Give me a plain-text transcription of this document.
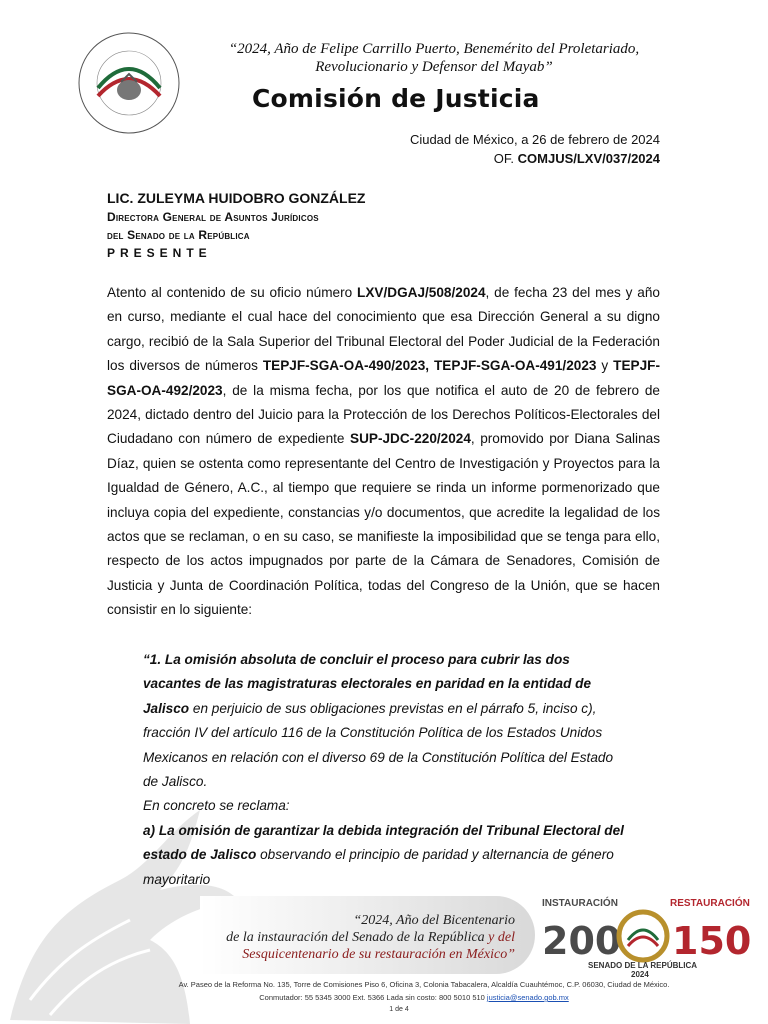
“2024, Año de Felipe Carrillo Puerto, Benemérito del Proletariado,
Revolucionario y Defensor del Mayab”
Comisión de Justicia
Ciudad de México, a 26 de febrero de 2024
OF. COMJUS/LXV/037/2024
LIC. ZULEYMA HUIDOBRO GONZÁLEZ
Directora General de Asuntos Jurídicos
del Senado de la República
PRESENTE
Atento al contenido de su oficio número LXV/DGAJ/508/2024, de fecha 23 del mes y año en curso, mediante el cual hace del conocimiento que esa Dirección General a su digno cargo, recibió de la Sala Superior del Tribunal Electoral del Poder Judicial de la Federación los diversos de números TEPJF-SGA-OA-490/2023, TEPJF-SGA-OA-491/2023 y TEPJF-SGA-OA-492/2023, de la misma fecha, por los que notifica el auto de 20 de febrero de 2024, dictado dentro del Juicio para la Protección de los Derechos Políticos-Electorales del Ciudadano con número de expediente SUP-JDC-220/2024, promovido por Diana Salinas Díaz, quien se ostenta como representante del Centro de Investigación y Proyectos para la Igualdad de Género, A.C., al tiempo que requiere se rinda un informe pormenorizado que incluya copia del expediente, constancias y/o documentos, que acredite la legalidad de los actos que se reclaman, o en su caso, se manifieste la imposibilidad que se tenga para ello, respecto de los actos impugnados por parte de la Cámara de Senadores, Comisión de Justicia y Junta de Coordinación Política, todas del Congreso de la Unión, que se hacen consistir en lo siguiente:
“1. La omisión absoluta de concluir el proceso para cubrir las dos vacantes de las magistraturas electorales en paridad en la entidad de Jalisco en perjuicio de sus obligaciones previstas en el párrafo 5, inciso c), fracción IV del artículo 116 de la Constitución Política de los Estados Unidos Mexicanos en relación con el diverso 69 de la Constitución Política del Estado de Jalisco.
En concreto se reclama:
a) La omisión de garantizar la debida integración del Tribunal Electoral del estado de Jalisco observando el principio de paridad y alternancia de género mayoritario
“2024, Año del Bicentenario
de la instauración del Senado de la República y del
Sesquicentenario de su restauración en México”
INSTAURACIÓN	RESTAURACIÓN
200 150
SENADO DE LA REPÚBLICA
2024
Av. Paseo de la Reforma No. 135, Torre de Comisiones Piso 6, Oficina 3, Colonia Tabacalera, Alcaldía Cuauhtémoc, C.P. 06030, Ciudad de México.
Conmutador: 55 5345 3000 Ext. 5366 Lada sin costo: 800 5010 510 justicia@senado.gob.mx
1 de 4
